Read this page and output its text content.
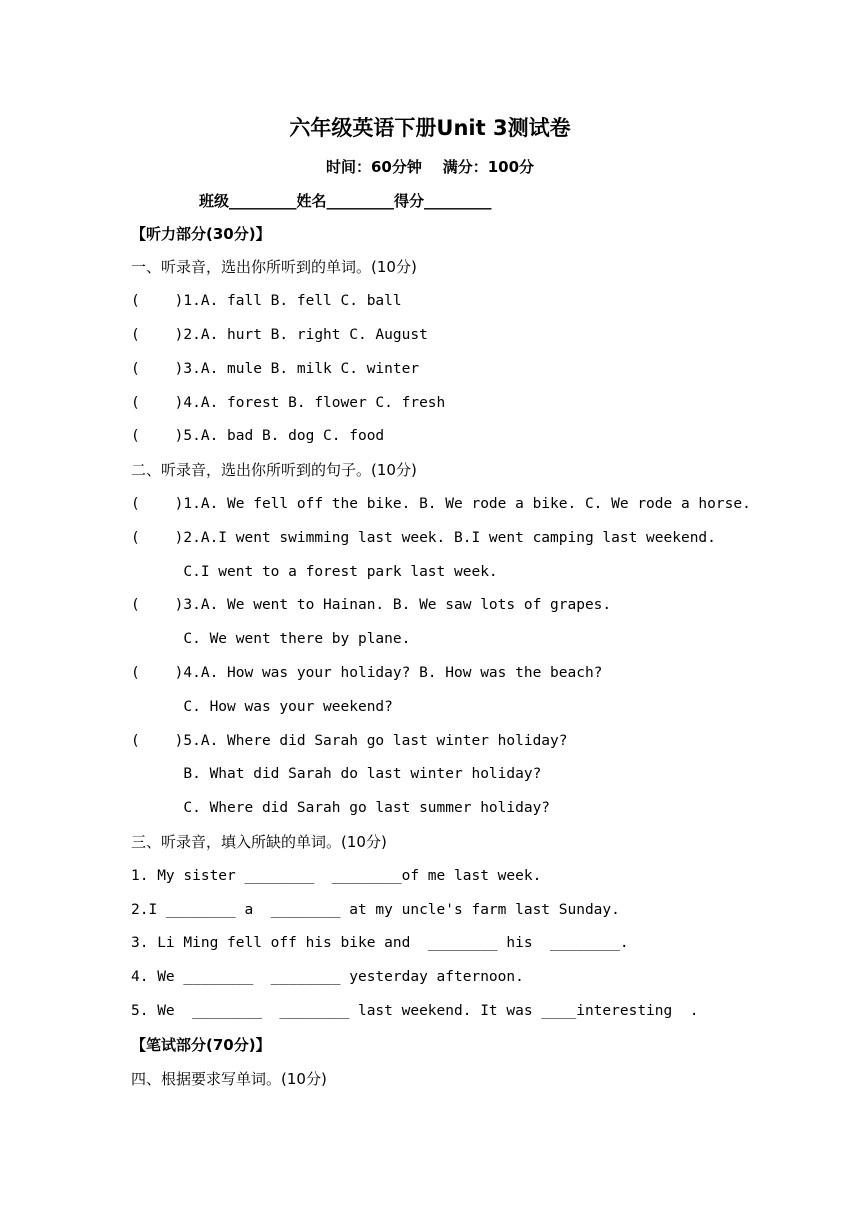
六年级英语下册Unit 3测试卷
时间：60分钟    满分：100分
班级_________姓名_________得分_________
【听力部分(30分)】
一、听录音，选出你所听到的单词。(10分)
(    )1.A. fall B. fell C. ball
(    )2.A. hurt B. right C. August
(    )3.A. mule B. milk C. winter
(    )4.A. forest B. flower C. fresh
(    )5.A. bad B. dog C. food
二、听录音，选出你所听到的句子。(10分)
(    )1.A. We fell off the bike. B. We rode a bike. C. We rode a horse.
(    )2.A.I went swimming last week. B.I went camping last weekend.
C.I went to a forest park last week.
(    )3.A. We went to Hainan. B. We saw lots of grapes.
C. We went there by plane.
(    )4.A. How was your holiday? B. How was the beach?
C. How was your weekend?
(    )5.A. Where did Sarah go last winter holiday?
B. What did Sarah do last winter holiday?
C. Where did Sarah go last summer holiday?
三、听录音，填入所缺的单词。(10分)
1. My sister ________  ________of me last week.
2.I ________ a  ________ at my uncle's farm last Sunday.
3. Li Ming fell off his bike and  ________ his  ________.
4. We ________  ________ yesterday afternoon.
5. We  ________  ________ last weekend. It was ____interesting  .
【笔试部分(70分)】
四、根据要求写单词。(10分)
